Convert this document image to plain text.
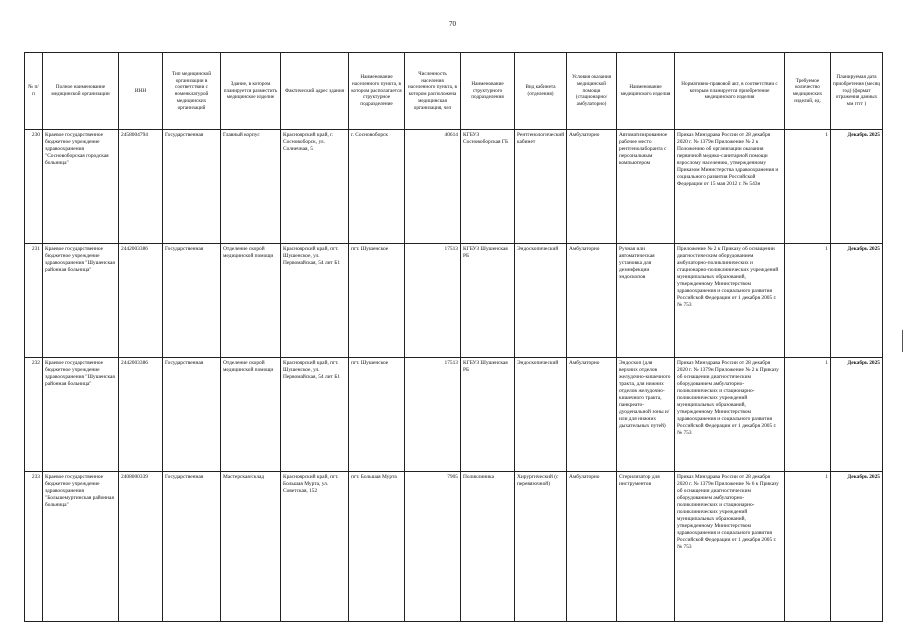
70
№ п/п	Полное наименование медицинской организации	ИНН	Тип медицинской организации в соответствии с номенклатурой медицинских организаций	Здание, в котором планируется разместить медицинское изделие	Фактический адрес здания	Наименование населенного пункта, в котором располагается структурное подразделение	Численность населения населенного пункта, в котором расположена медицинская организация, чел	Наименование структурного подразделения	Вид кабинета (отделения)	Условия оказания медицинской помощи (стационарно/ амбулаторно)	Наименование медицинского изделия	Нормативно-правовой акт, в соответствии с которым планируется приобретение медицинского изделия	Требуемое количество медицинских изделий, ед.	Планируемая дата приобретения (месяц год) (формат отражения данных мм гггг )
230	Краевое государственное бюджетное учреждение здравоохранения "Сосновоборская городская больница"	2458004794	Государственная	Главный корпус	Красноярский край, г. Сосновоборск, ул. Солнечная, 5	г. Сосновоборск	40614	КГБУЗ Сосновоборская ГБ	Рентгенологический кабинет	Амбулаторно	Автоматизированное рабочее место рентгенолаборанта с персональным компьютером	Приказ Минздрава России от 28 декабря 2020 г. № 1379н Приложение № 2 к Положению об организации оказания первичной медико-санитарной помощи взрослому населению, утвержденному Приказом Министерства здравоохранения и социального развития Российской Федерации от 15 мая 2012 г. № 543н	1	Декабрь 2025
231	Краевое государственное бюджетное учреждение здравоохранения "Шушенская районная больница"	2442003386	Государственная	Отделение скорой медицинской помощи	Красноярский край, пгт. Шушенское, ул. Первомайская, 54 лит Б1	пгт. Шушенское	17513	КГБУЗ Шушенская РБ	Эндоскопический	Амбулаторно	Ручная или автоматическая установка для дезинфекции эндоскопов	Приложение № 2 к Приказу об оснащении диагностическим оборудованием амбулаторно-поликлинических и стационарно-поликлинических учреждений муниципальных образований, утвержденному Министерством здравоохранения и социального развития Российской Федерации от 1 декабря 2005 г. № 753	1	Декабрь 2025
232	Краевое государственное бюджетное учреждение здравоохранения "Шушенская районная больница"	2442003386	Государственная	Отделение скорой медицинской помощи	Красноярский край, пгт. Шушенское, ул. Первомайская, 54 лит Б1	пгт. Шушенское	17513	КГБУЗ Шушенская РБ	Эндоскопический	Амбулаторно	Эндоскоп (для верхних отделов желудочно-кишечного тракта, для нижних отделов желудочно-кишечного тракта, панкреато-дуоденальной зоны и/или для нижних дыхательных путей)	Приказ Минздрава России от 28 декабря 2020 г. № 1379н Приложение № 2 к Приказу об оснащении диагностическим оборудованием амбулаторно-поликлинических и стационарно-поликлинических учреждений муниципальных образований, утвержденному Министерством здравоохранения и социального развития Российской Федерации от 1 декабря 2005 г. № 753	1	Декабрь 2025
233	Краевое государственное бюджетное учреждение здравоохранения "Большемуртинская районная больница"	2408000339	Государственная	Мастерская/склад	Красноярский край, пгт. Большая Мурта, ул. Советская, 152	пгт. Большая Мурта	7905	Поликлиника	Хирургический (с перевязочной)	Амбулаторно	Стерилизатор для инструментов	Приказ Минздрава России от 28 декабря 2020 г. № 1379н Приложение № 6 к Приказу об оснащении диагностическим оборудованием амбулаторно-поликлинических и стационарно-поликлинических учреждений муниципальных образований, утвержденному Министерством здравоохранения и социального развития Российской Федерации от 1 декабря 2005 г. № 753	1	Декабрь 2025
